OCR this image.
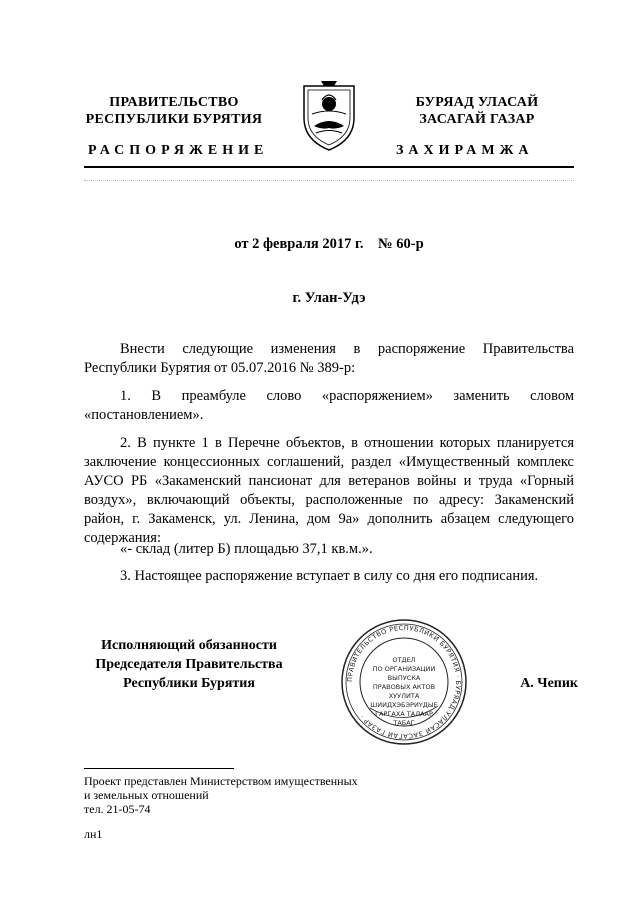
ПРАВИТЕЛЬСТВО
РЕСПУБЛИКИ БУРЯТИЯ
БУРЯАД УЛАСАЙ
ЗАСАГАЙ ГАЗАР
РАСПОРЯЖЕНИЕ	ЗАХИРАМЖА
от 2 февраля 2017 г.    № 60-р
г. Улан-Удэ
Внести следующие изменения в распоряжение Правительства Республики Бурятия от 05.07.2016 № 389-р:
1. В преамбуле слово «распоряжением» заменить словом «постановлением».
2. В пункте 1 в Перечне объектов, в отношении которых планируется заключение концессионных соглашений, раздел «Имущественный комплекс АУСО РБ «Закаменский пансионат для ветеранов войны и труда «Горный воздух», включающий объекты, расположенные по адресу: Закаменский район, г. Закаменск, ул. Ленина, дом 9а» дополнить абзацем следующего содержания:
«- склад (литер Б) площадью 37,1 кв.м.».
3. Настоящее распоряжение вступает в силу со дня его подписания.
Исполняющий обязанности
Председателя Правительства
Республики Бурятия	ПРАВИТЕЛЬСТВО РЕСПУБЛИКИ БУРЯТИЯ · БУРЯАД УЛАСАЙ ЗАСАГАЙ ГАЗАР ·
ОТДЕЛ
ПО ОРГАНИЗАЦИИ
ВЫПУСКА
ПРАВОВЫХ АКТОВ
ХУУЛИТА
ШИИДХЭБЭРИҮДЫЕ
ГАРГАХА ТАЛААР
ТАБАГ
А. Чепик
Проект представлен Министерством имущественных
и земельных отношений
тел. 21-05-74
лн1
